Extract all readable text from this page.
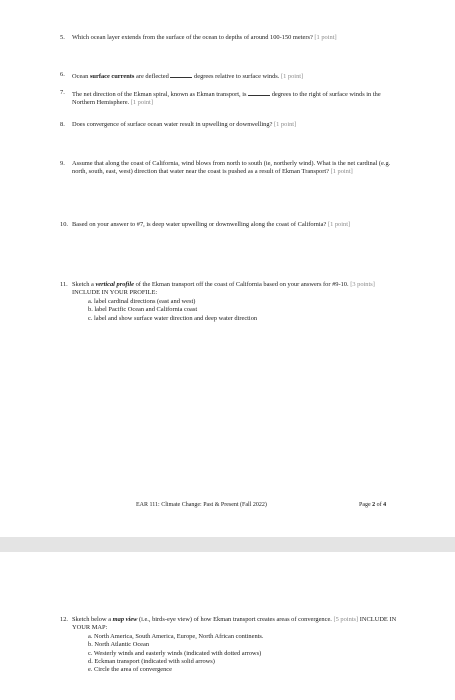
5. Which ocean layer extends from the surface of the ocean to depths of around 100-150 meters? [1 point]
6. Ocean surface currents are deflected	degrees relative to surface winds. [1 point]
7. The net direction of the Ekman spiral, known as Ekman transport, is	degrees to the right of surface winds in the Northern Hemisphere. [1 point]
8. Does convergence of surface ocean water result in upwelling or downwelling? [1 point]
9. Assume that along the coast of California, wind blows from north to south (ie, northerly wind). What is the net cardinal (e.g. north, south, east, west) direction that water near the coast is pushed as a result of Ekman Transport? [1 point]
10. Based on your answer to #7, is deep water upwelling or downwelling along the coast of California? [1 point]
11. Sketch a vertical profile of the Ekman transport off the coast of California based on your answers for #9-10. [3 points] INCLUDE IN YOUR PROFILE:
a. label cardinal directions (east and west)
b. label Pacific Ocean and California coast
c. label and show surface water direction and deep water direction
EAR 111: Climate Change: Past & Present (Fall 2022)	Page 2 of 4
12. Sketch below a map view (i.e., birds-eye view) of how Ekman transport creates areas of convergence. [5 points] INCLUDE IN YOUR MAP:
a. North America, South America, Europe, North African continents.
b. North Atlantic Ocean
c. Westerly winds and easterly winds (indicated with dotted arrows)
d. Eckman transport (indicated with solid arrows)
e. Circle the area of convergence
